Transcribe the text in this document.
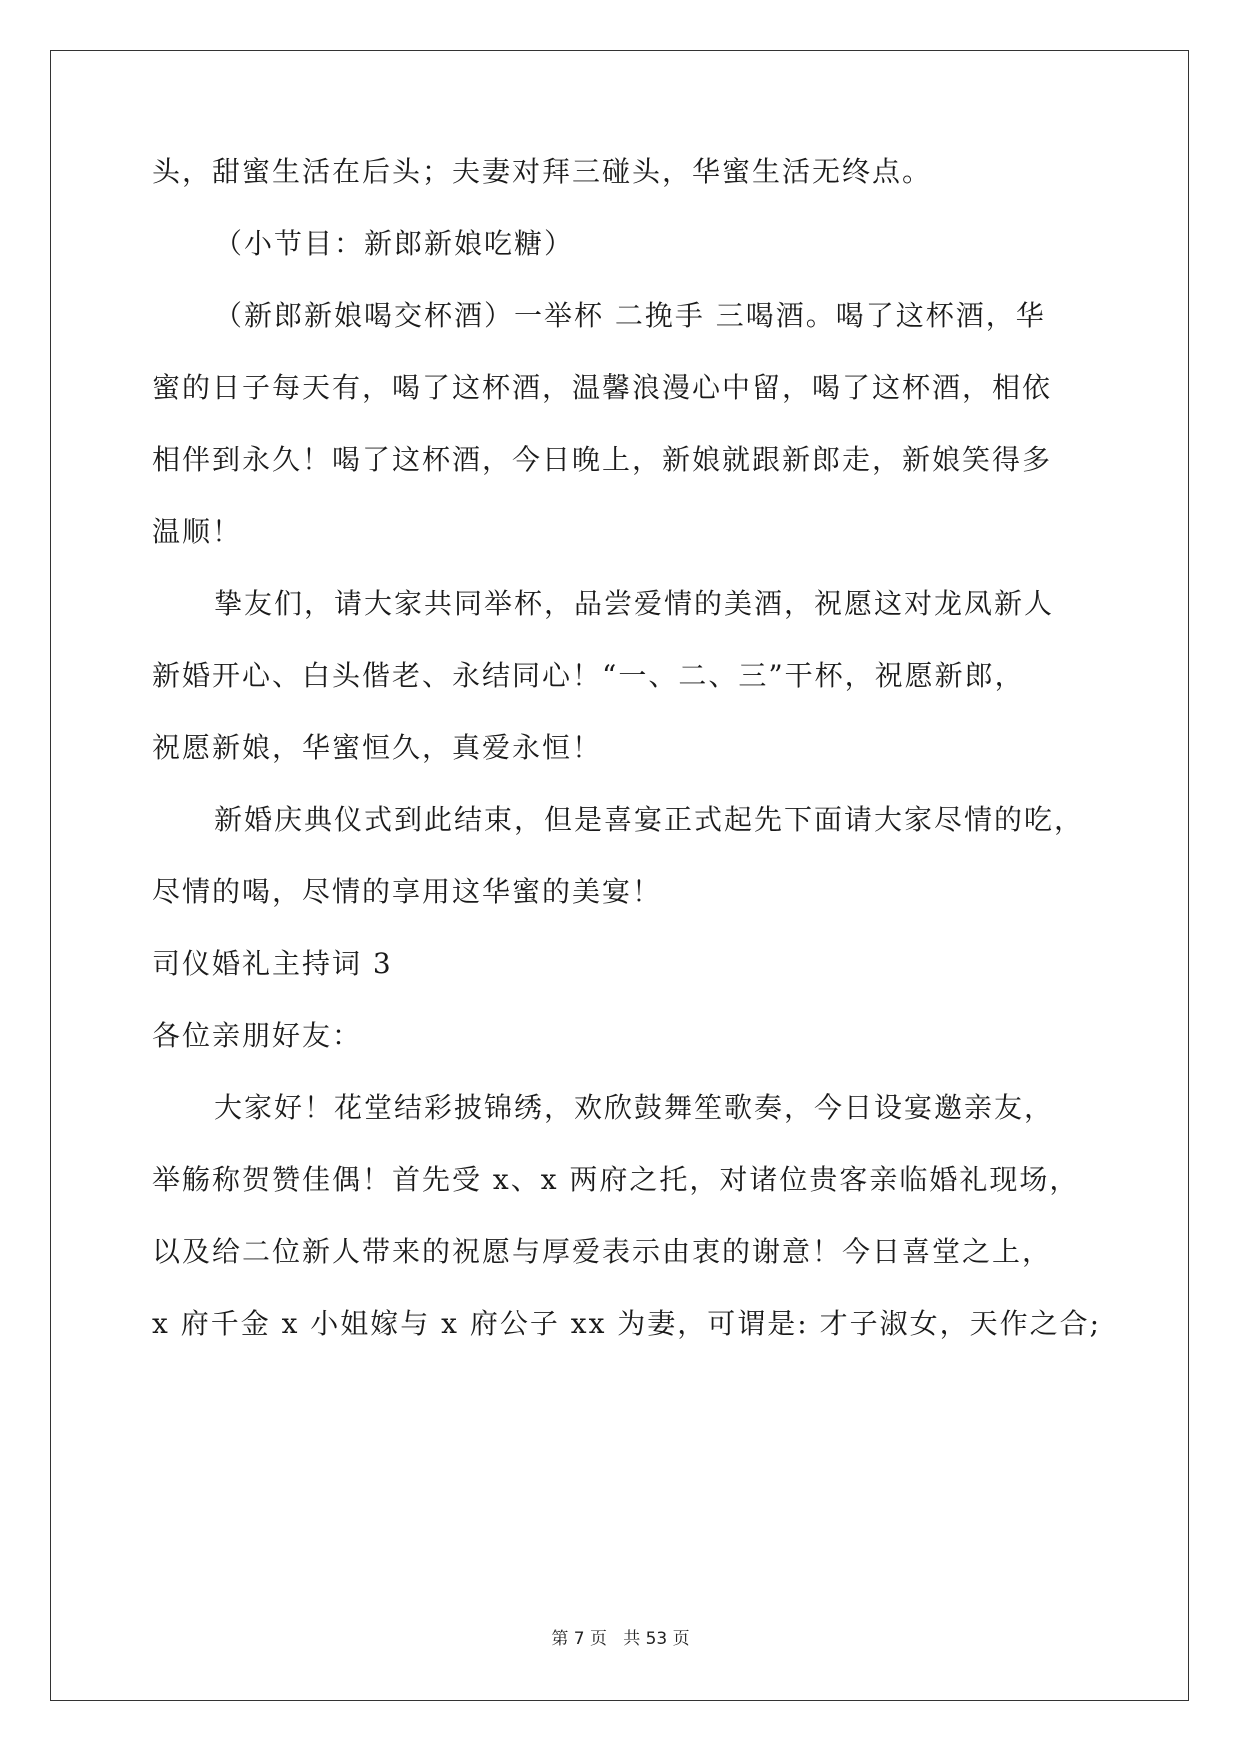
头，甜蜜生活在后头；夫妻对拜三碰头，华蜜生活无终点。
（小节目：新郎新娘吃糖）
（新郎新娘喝交杯酒）一举杯 二挽手 三喝酒。喝了这杯酒，华
蜜的日子每天有，喝了这杯酒，温馨浪漫心中留，喝了这杯酒，相依
相伴到永久！喝了这杯酒，今日晚上，新娘就跟新郎走，新娘笑得多
温顺！
挚友们，请大家共同举杯，品尝爱情的美酒，祝愿这对龙凤新人
新婚开心、白头偕老、永结同心！“一、二、三”干杯，祝愿新郎，
祝愿新娘，华蜜恒久，真爱永恒！
新婚庆典仪式到此结束，但是喜宴正式起先下面请大家尽情的吃，
尽情的喝，尽情的享用这华蜜的美宴！
司仪婚礼主持词 3
各位亲朋好友：
大家好！花堂结彩披锦绣，欢欣鼓舞笙歌奏，今日设宴邀亲友，
举觞称贺赞佳偶！首先受 x、x 两府之托，对诸位贵客亲临婚礼现场，
以及给二位新人带来的祝愿与厚爱表示由衷的谢意！今日喜堂之上，
x 府千金 x 小姐嫁与 x 府公子 xx 为妻，可谓是: 才子淑女，天作之合;
第 7 页   共 53 页
